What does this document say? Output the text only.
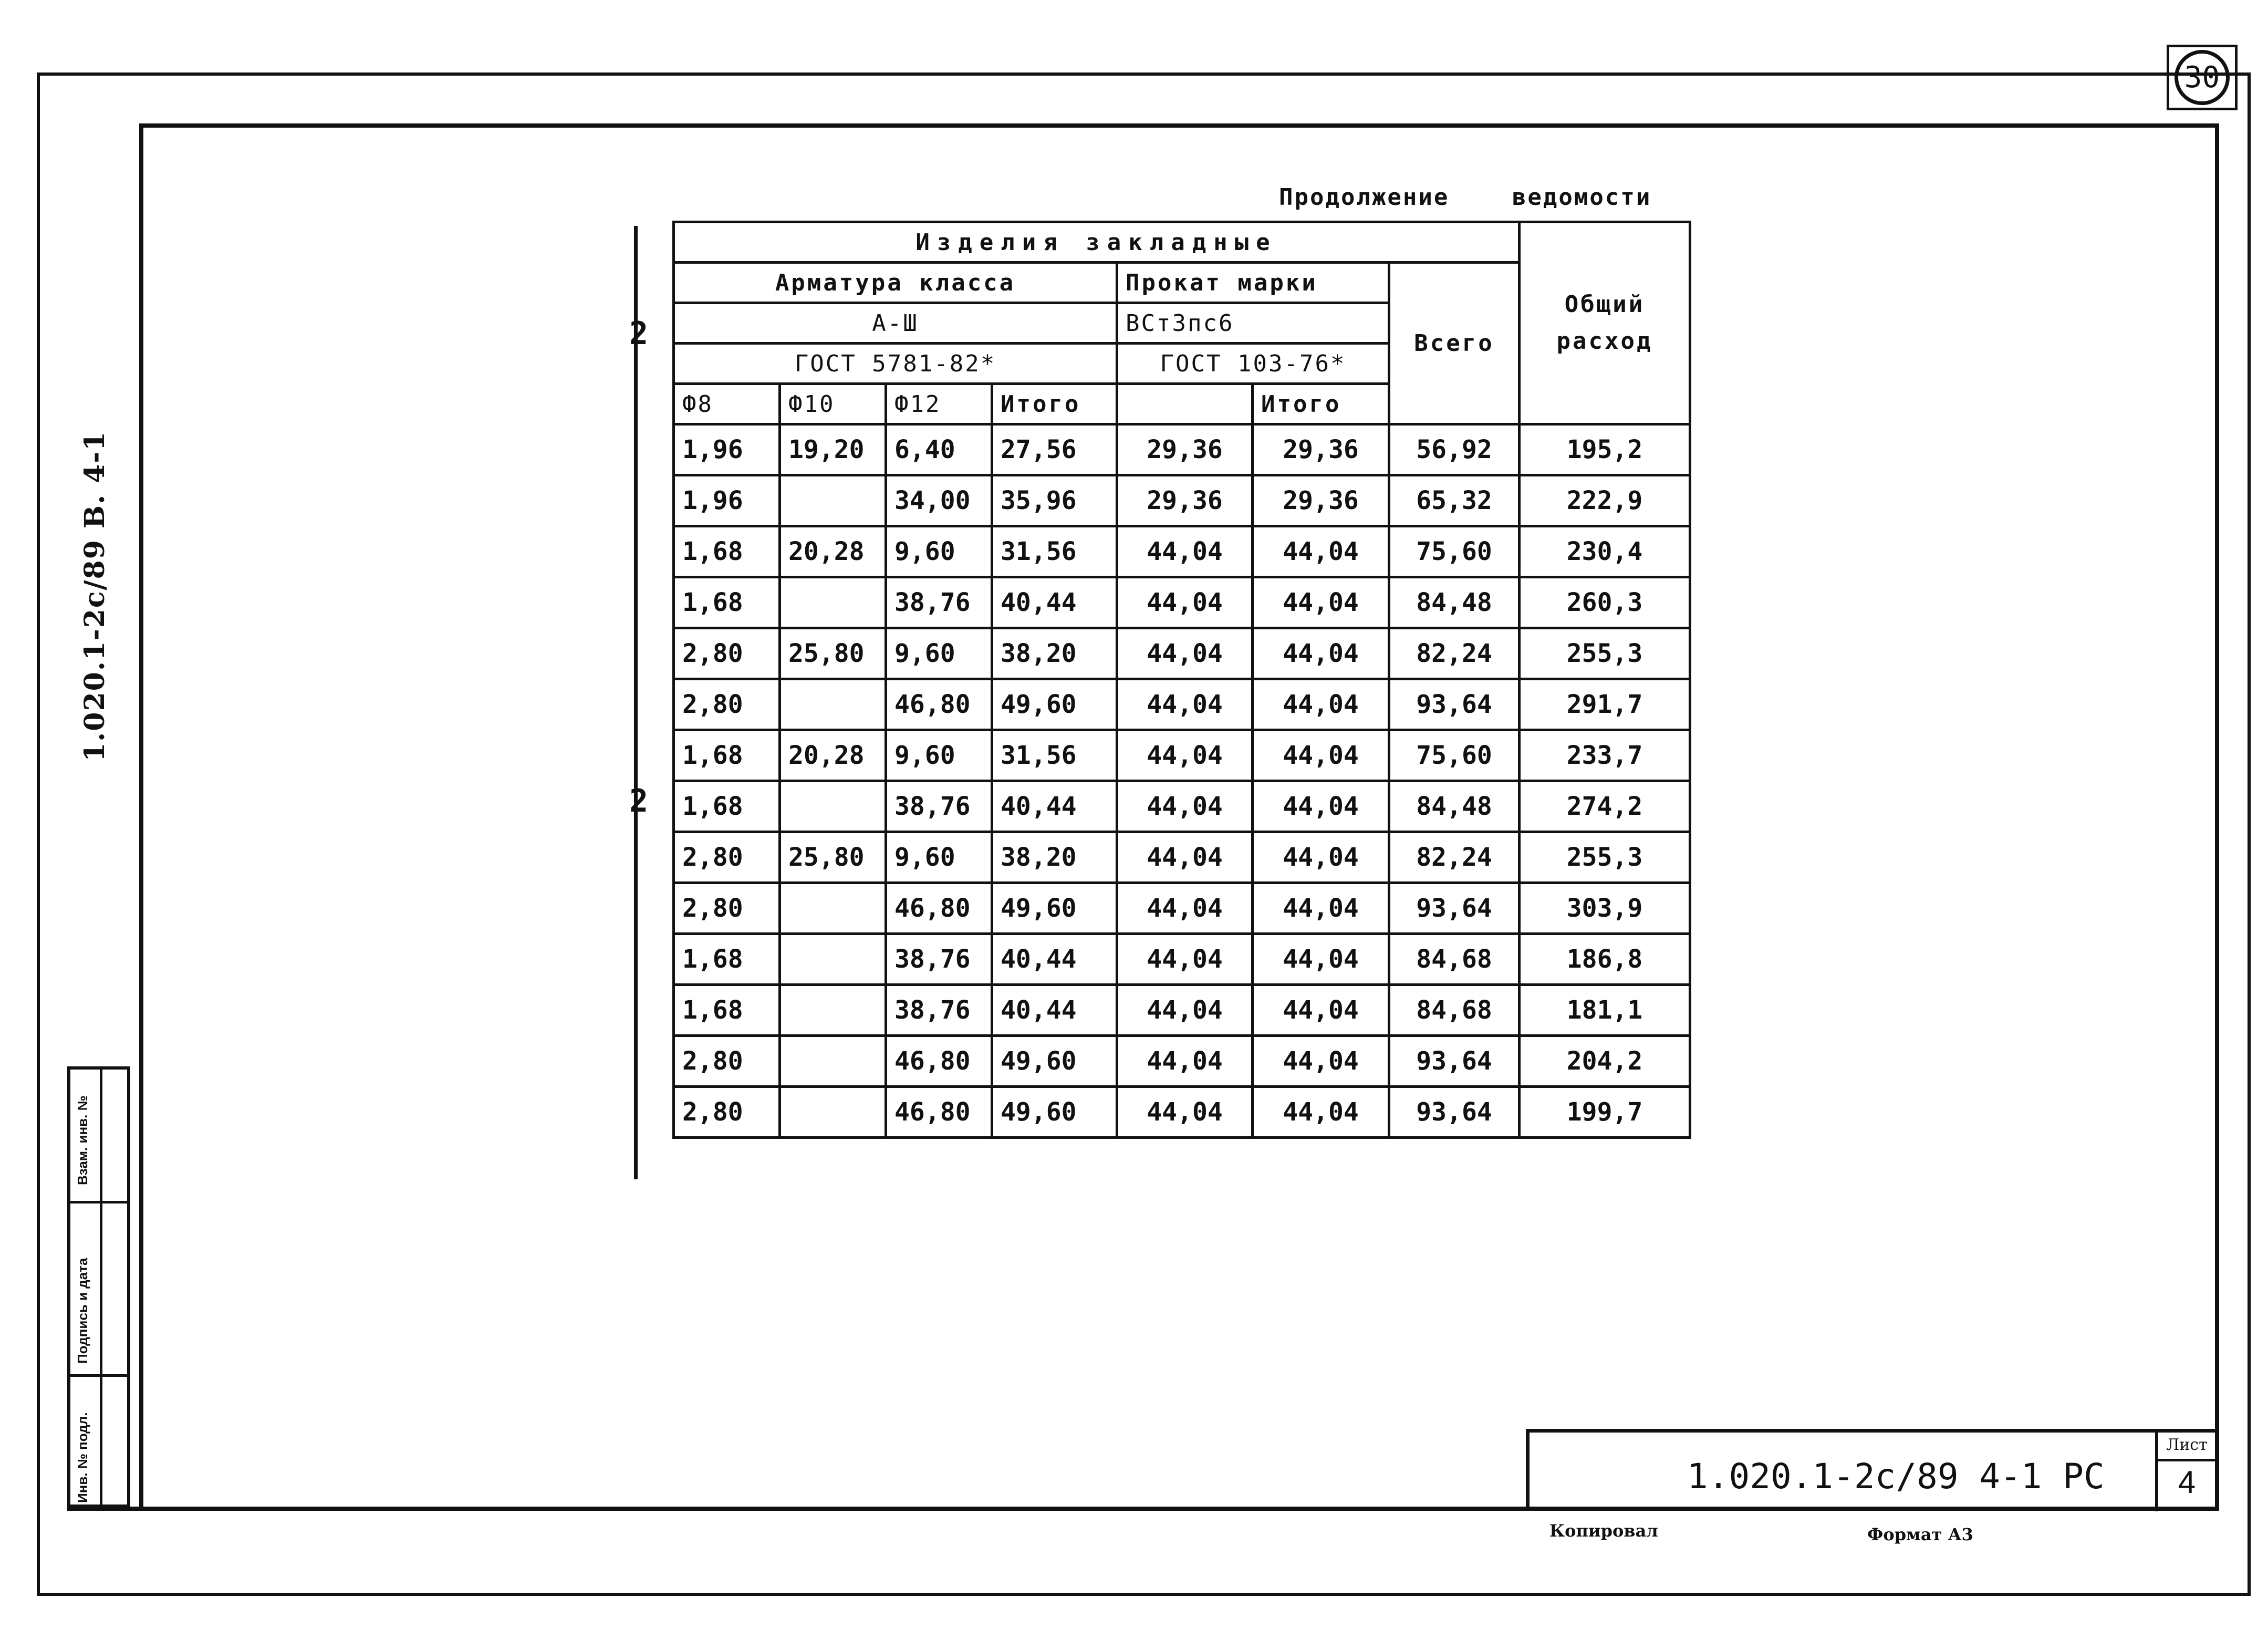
30
1.020.1-2с/89 В. 4-1
Взам. инв. №
Подпись и дата
Инв. № подл.
Продолжение	ведомости
2
2
Изделия закладные							Общий расход
Арматура класса				Прокат марки		Всего	
А-Ш				ВСт3пс6			
ГОСТ 5781-82*				ГОСТ 103-76*			
Ф8	Ф10	Ф12	Итого		Итого		
1,96	19,20	6,40	27,56	29,36	29,36	56,92	195,2
1,96		34,00	35,96	29,36	29,36	65,32	222,9
1,68	20,28	9,60	31,56	44,04	44,04	75,60	230,4
1,68		38,76	40,44	44,04	44,04	84,48	260,3
2,80	25,80	9,60	38,20	44,04	44,04	82,24	255,3
2,80		46,80	49,60	44,04	44,04	93,64	291,7
1,68	20,28	9,60	31,56	44,04	44,04	75,60	233,7
1,68		38,76	40,44	44,04	44,04	84,48	274,2
2,80	25,80	9,60	38,20	44,04	44,04	82,24	255,3
2,80		46,80	49,60	44,04	44,04	93,64	303,9
1,68		38,76	40,44	44,04	44,04	84,68	186,8
1,68		38,76	40,44	44,04	44,04	84,68	181,1
2,80		46,80	49,60	44,04	44,04	93,64	204,2
2,80		46,80	49,60	44,04	44,04	93,64	199,7
1.020.1-2с/89 4-1 РС
Лист
4
Копировал	Формат А3
